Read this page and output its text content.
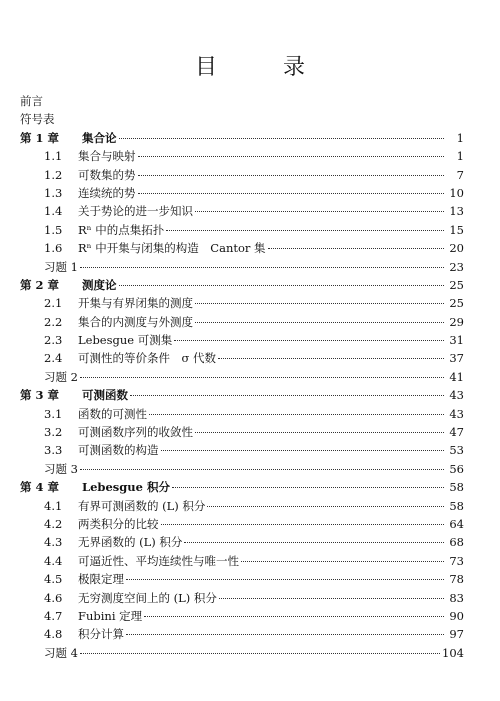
目　录
前言
符号表
第 1 章	集合论	1
1.1	集合与映射	1
1.2	可数集的势	7
1.3	连续统的势	10
1.4	关于势论的进一步知识	13
1.5	Rⁿ 中的点集拓扑	15
1.6	Rⁿ 中开集与闭集的构造　Cantor 集	20
习题 1	23
第 2 章	测度论	25
2.1	开集与有界闭集的测度	25
2.2	集合的内测度与外测度	29
2.3	Lebesgue 可测集	31
2.4	可测性的等价条件　σ 代数	37
习题 2	41
第 3 章	可测函数	43
3.1	函数的可测性	43
3.2	可测函数序列的收敛性	47
3.3	可测函数的构造	53
习题 3	56
第 4 章	Lebesgue 积分	58
4.1	有界可测函数的 (L) 积分	58
4.2	两类积分的比较	64
4.3	无界函数的 (L) 积分	68
4.4	可逼近性、平均连续性与唯一性	73
4.5	极限定理	78
4.6	无穷测度空间上的 (L) 积分	83
4.7	Fubini 定理	90
4.8	积分计算	97
习题 4	104
